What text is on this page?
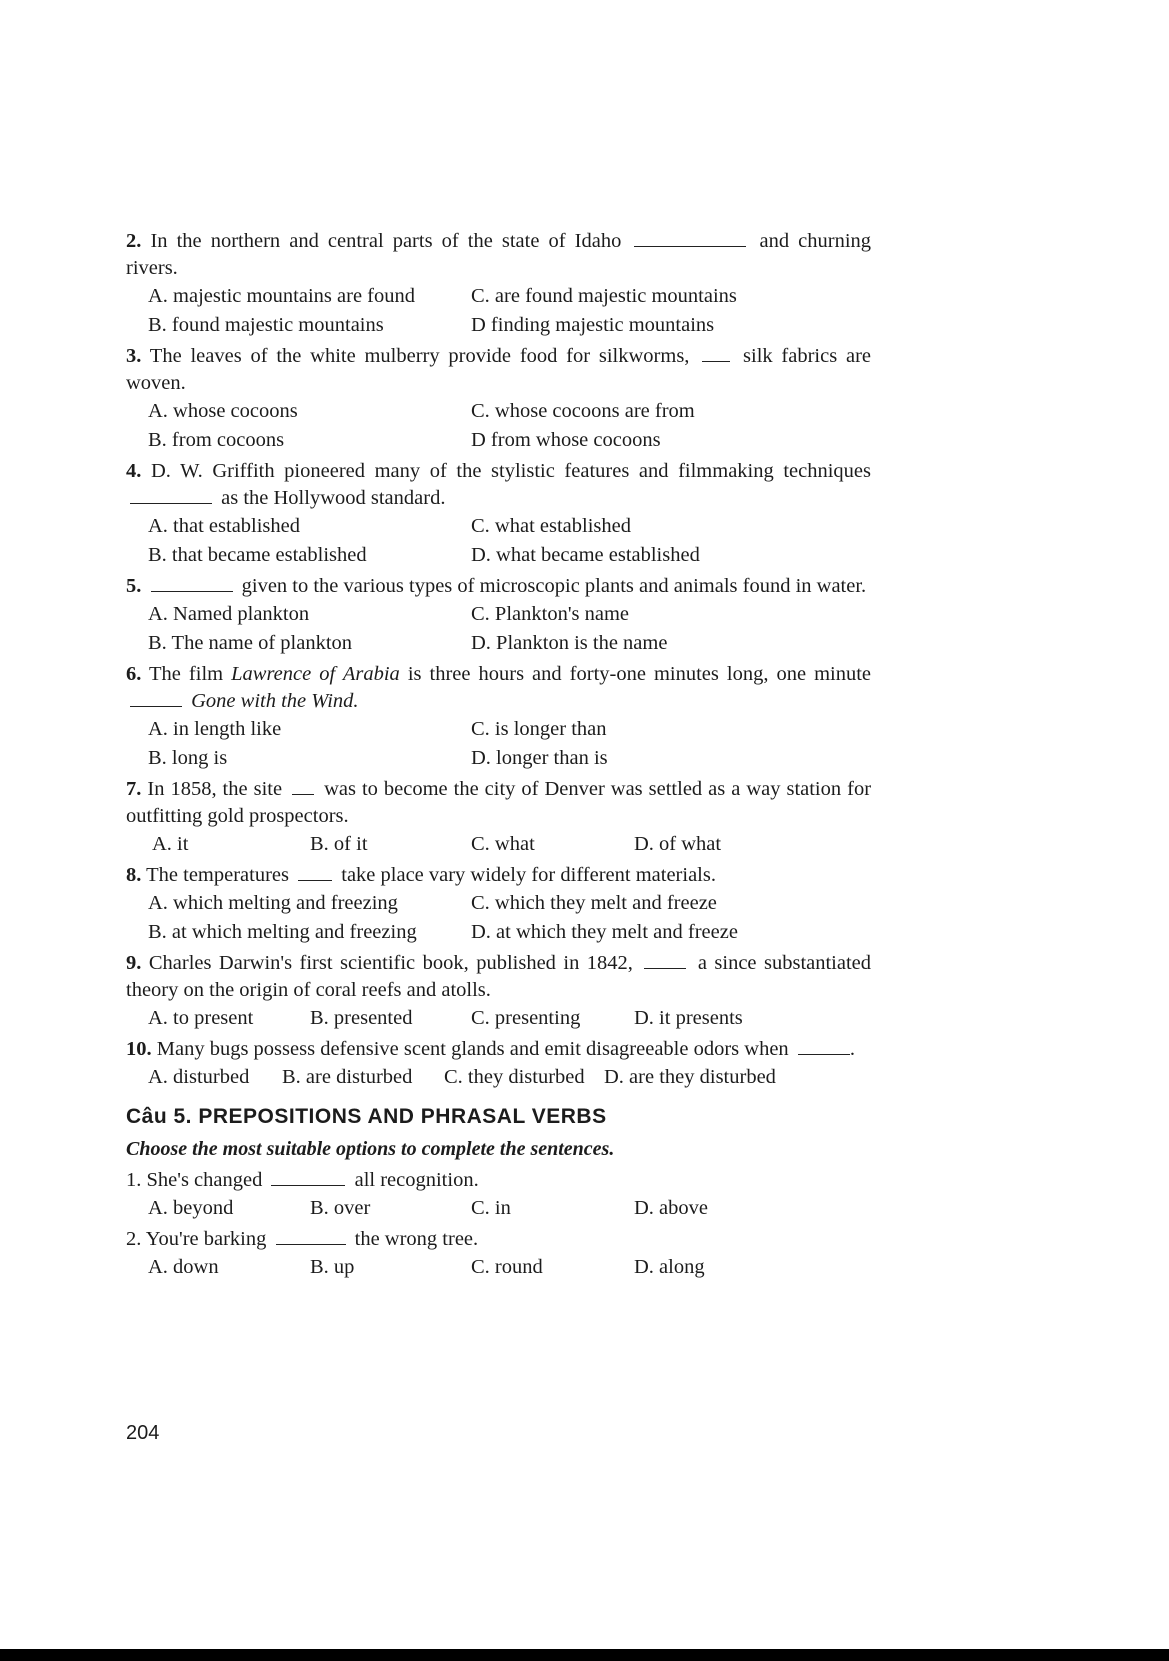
2. In the northern and central parts of the state of Idaho	and churning rivers.
A. majestic mountains are found	C. are found majestic mountains
B. found majestic mountains	D finding majestic mountains
3. The leaves of the white mulberry provide food for silkworms,	silk fabrics are woven.
A. whose cocoons	C. whose cocoons are from
B. from cocoons	D from whose cocoons
4. D. W. Griffith pioneered many of the stylistic features and filmmaking techniques  as the Hollywood standard.
A. that established	C. what established
B. that became established	D. what became established
5.	given to the various types of microscopic plants and animals found in water.
A. Named plankton	C. Plankton's name
B. The name of plankton	D. Plankton is the name
6. The film Lawrence of Arabia is three hours and forty-one minutes long, one minute  Gone with the Wind.
A. in length like	C. is longer than
B. long is	D. longer than is
7. In 1858, the site was to become the city of Denver was settled as a way station for outfitting gold prospectors.
A. it	B. of it	C. what	D. of what
8. The temperatures	take place vary widely for different materials.
A. which melting and freezing	C. which they melt and freeze
B. at which melting and freezing	D. at which they melt and freeze
9. Charles Darwin's first scientific book, published in 1842,	a since substantiated theory on the origin of coral reefs and atolls.
A. to present	B. presented	C. presenting	D. it presents
10. Many bugs possess defensive scent glands and emit disagreeable odors when	.
A. disturbed B. are disturbed C. they disturbed D. are they disturbed
Câu 5. PREPOSITIONS AND PHRASAL VERBS
Choose the most suitable options to complete the sentences.
1. She's changed	all recognition.
A. beyond	B. over	C. in	D. above
2. You're barking	the wrong tree.
A. down	B. up	C. round	D. along
204
